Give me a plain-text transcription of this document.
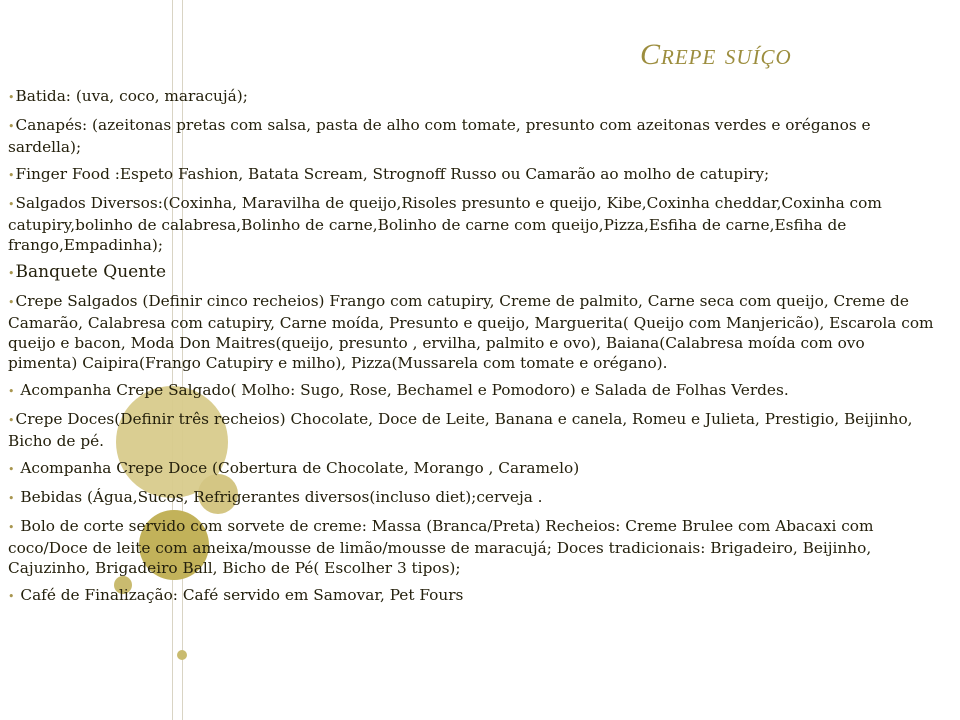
Crepe suíço
•Batida: (uva, coco, maracujá);
•Canapés: (azeitonas pretas com salsa, pasta de alho com tomate, presunto com azeitonas verdes e oréganos e sardella);
•Finger Food :Espeto Fashion, Batata Scream, Strognoff Russo ou Camarão ao molho de catupiry;
•Salgados Diversos:(Coxinha, Maravilha de queijo,Risoles presunto e queijo, Kibe,Coxinha cheddar,Coxinha com catupiry,bolinho de calabresa,Bolinho de carne,Bolinho de carne com queijo,Pizza,Esfiha de carne,Esfiha de frango,Empadinha);
•Banquete Quente
•Crepe Salgados (Definir cinco recheios) Frango com catupiry, Creme de palmito, Carne seca com queijo, Creme de Camarão, Calabresa com catupiry, Carne moída, Presunto e queijo, Marguerita( Queijo com Manjericão), Escarola com queijo e bacon, Moda Don Maitres(queijo, presunto , ervilha, palmito e ovo), Baiana(Calabresa moída com ovo pimenta) Caipira(Frango Catupiry e milho), Pizza(Mussarela com tomate e orégano).
• Acompanha Crepe Salgado( Molho: Sugo, Rose, Bechamel e Pomodoro) e Salada de Folhas Verdes.
•Crepe Doces(Definir três recheios) Chocolate, Doce de Leite, Banana e canela, Romeu e Julieta, Prestigio, Beijinho, Bicho de pé.
• Acompanha Crepe Doce (Cobertura de Chocolate, Morango , Caramelo)
• Bebidas (Água,Sucos, Refrigerantes diversos(incluso diet);cerveja .
• Bolo de corte servido com sorvete de creme: Massa (Branca/Preta) Recheios: Creme Brulee com Abacaxi com coco/Doce de leite com ameixa/mousse de limão/mousse de maracujá; Doces tradicionais: Brigadeiro, Beijinho, Cajuzinho, Brigadeiro Ball, Bicho de Pé( Escolher 3 tipos);
• Café de Finalização: Café servido em Samovar, Pet Fours
